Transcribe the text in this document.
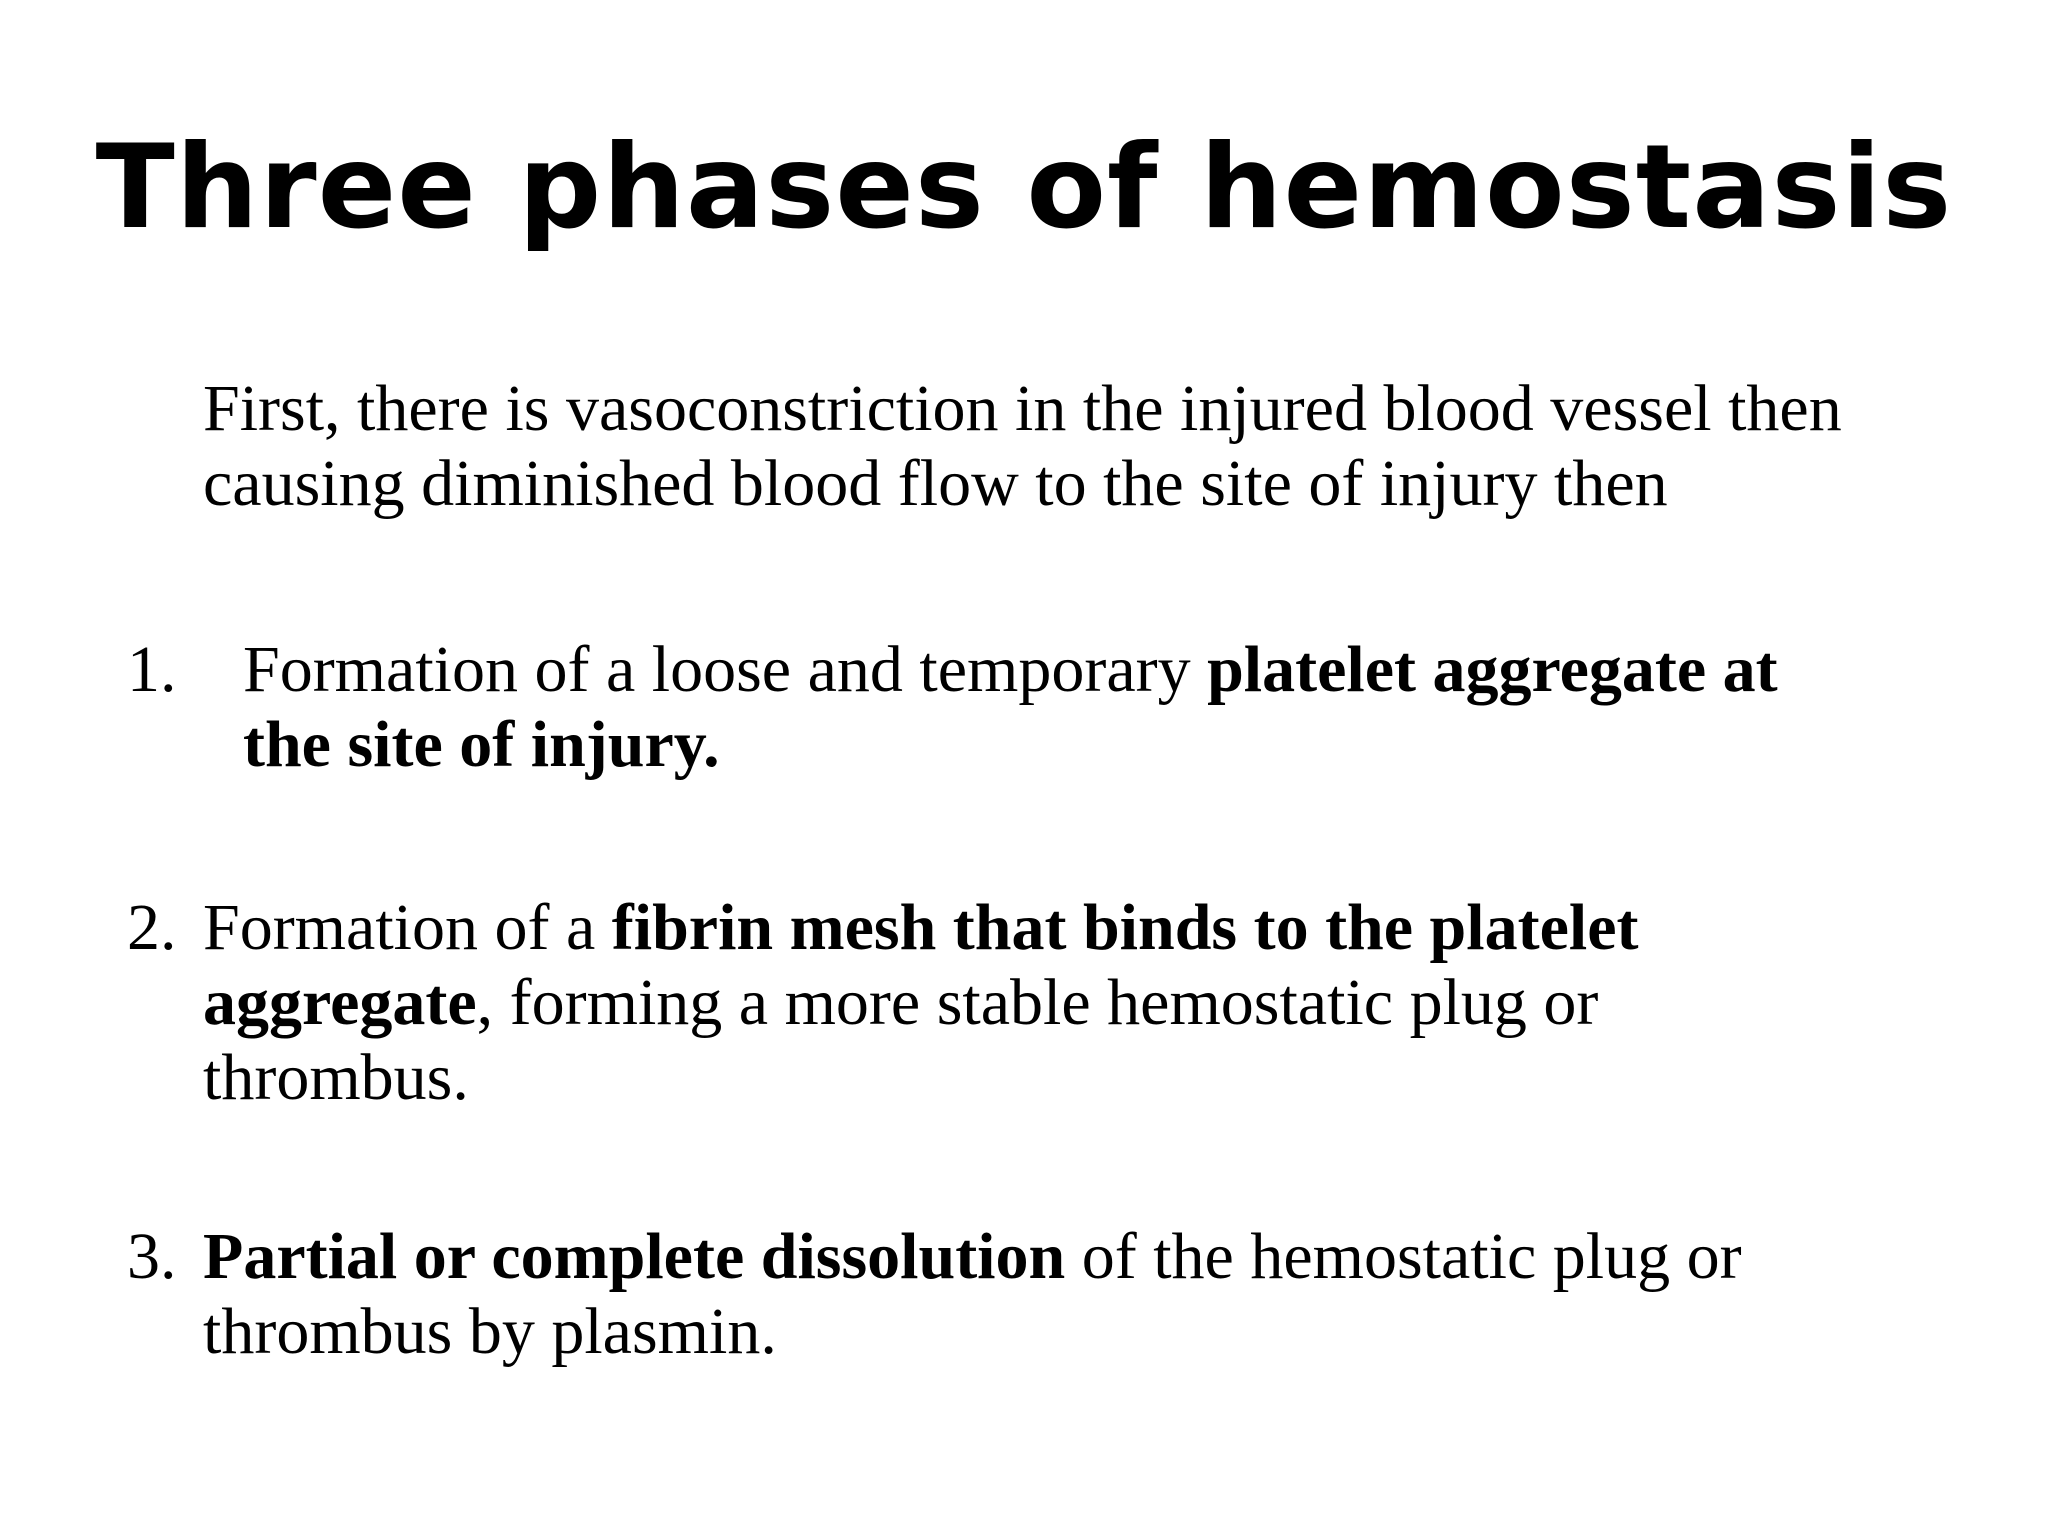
Three phases of hemostasis
First, there is vasoconstriction in the injured blood vessel then
causing diminished blood flow to the site of injury then
1. Formation of a loose and temporary platelet aggregate at
the site of injury.
2. Formation of a fibrin mesh that binds to the platelet
aggregate, forming a more stable hemostatic plug or
thrombus.
3. Partial or complete dissolution of the hemostatic plug or
thrombus by plasmin.
